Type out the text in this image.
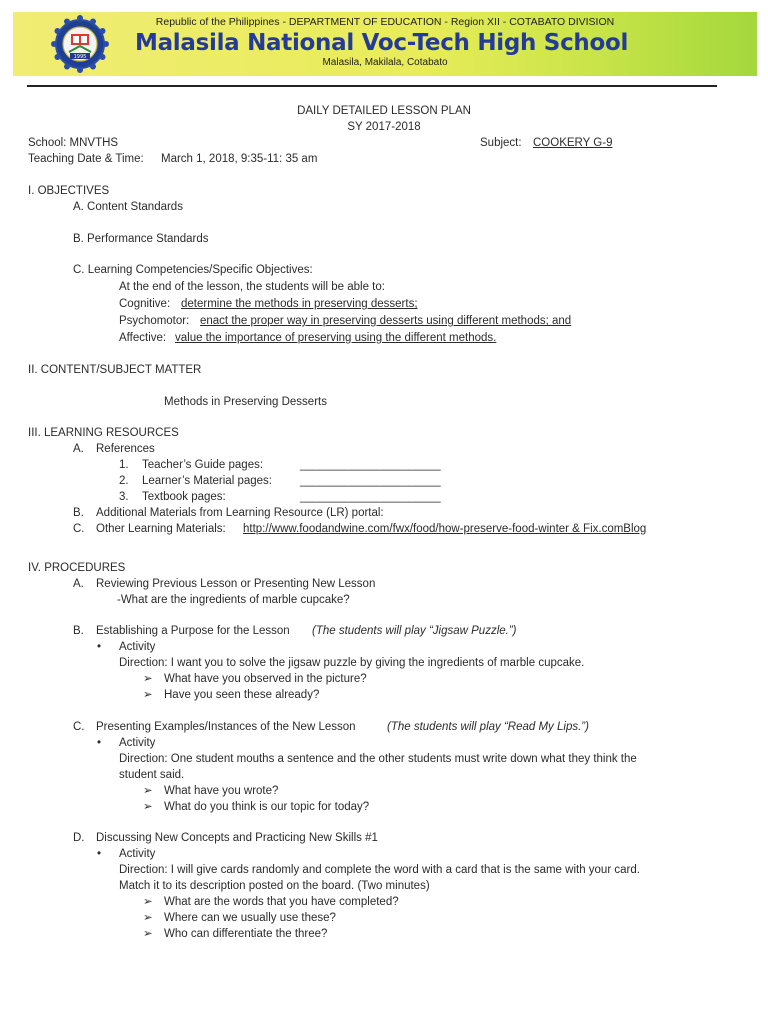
1995
Republic of the Philippines - DEPARTMENT OF EDUCATION - Region XII - COTABATO DIVISION
Malasila National Voc-Tech High School
Malasila, Makilala, Cotabato
DAILY DETAILED LESSON PLAN
SY 2017-2018
School: MNVTHS	Subject: COOKERY G-9
Teaching Date & Time: March 1, 2018, 9:35-11: 35 am
I. OBJECTIVES
A. Content Standards
B. Performance Standards
C. Learning Competencies/Specific Objectives:
At the end of the lesson, the students will be able to:
Cognitive: determine the methods in preserving desserts;
Psychomotor: enact the proper way in preserving desserts using different methods; and
Affective: value the importance of preserving using the different methods.
II. CONTENT/SUBJECT MATTER
Methods in Preserving Desserts
III. LEARNING RESOURCES
A. References
1. Teacher’s Guide pages:	______________________
2. Learner’s Material pages: ______________________
3. Textbook pages:	______________________
B. Additional Materials from Learning Resource (LR) portal:
C. Other Learning Materials: http://www.foodandwine.com/fwx/food/how-preserve-food-winter & Fix.comBlog
IV. PROCEDURES
A. Reviewing Previous Lesson or Presenting New Lesson
-What are the ingredients of marble cupcake?
B. Establishing a Purpose for the Lesson (The students will play “Jigsaw Puzzle.”)
• Activity
Direction: I want you to solve the jigsaw puzzle by giving the ingredients of marble cupcake.
➢ What have you observed in the picture?
➢ Have you seen these already?
C. Presenting Examples/Instances of the New Lesson	(The students will play “Read My Lips.”)
• Activity
Direction: One student mouths a sentence and the other students must write down what they think the
student said.
➢ What have you wrote?
➢ What do you think is our topic for today?
D. Discussing New Concepts and Practicing New Skills #1
• Activity
Direction: I will give cards randomly and complete the word with a card that is the same with your card.
Match it to its description posted on the board. (Two minutes)
➢ What are the words that you have completed?
➢ Where can we usually use these?
➢ Who can differentiate the three?
